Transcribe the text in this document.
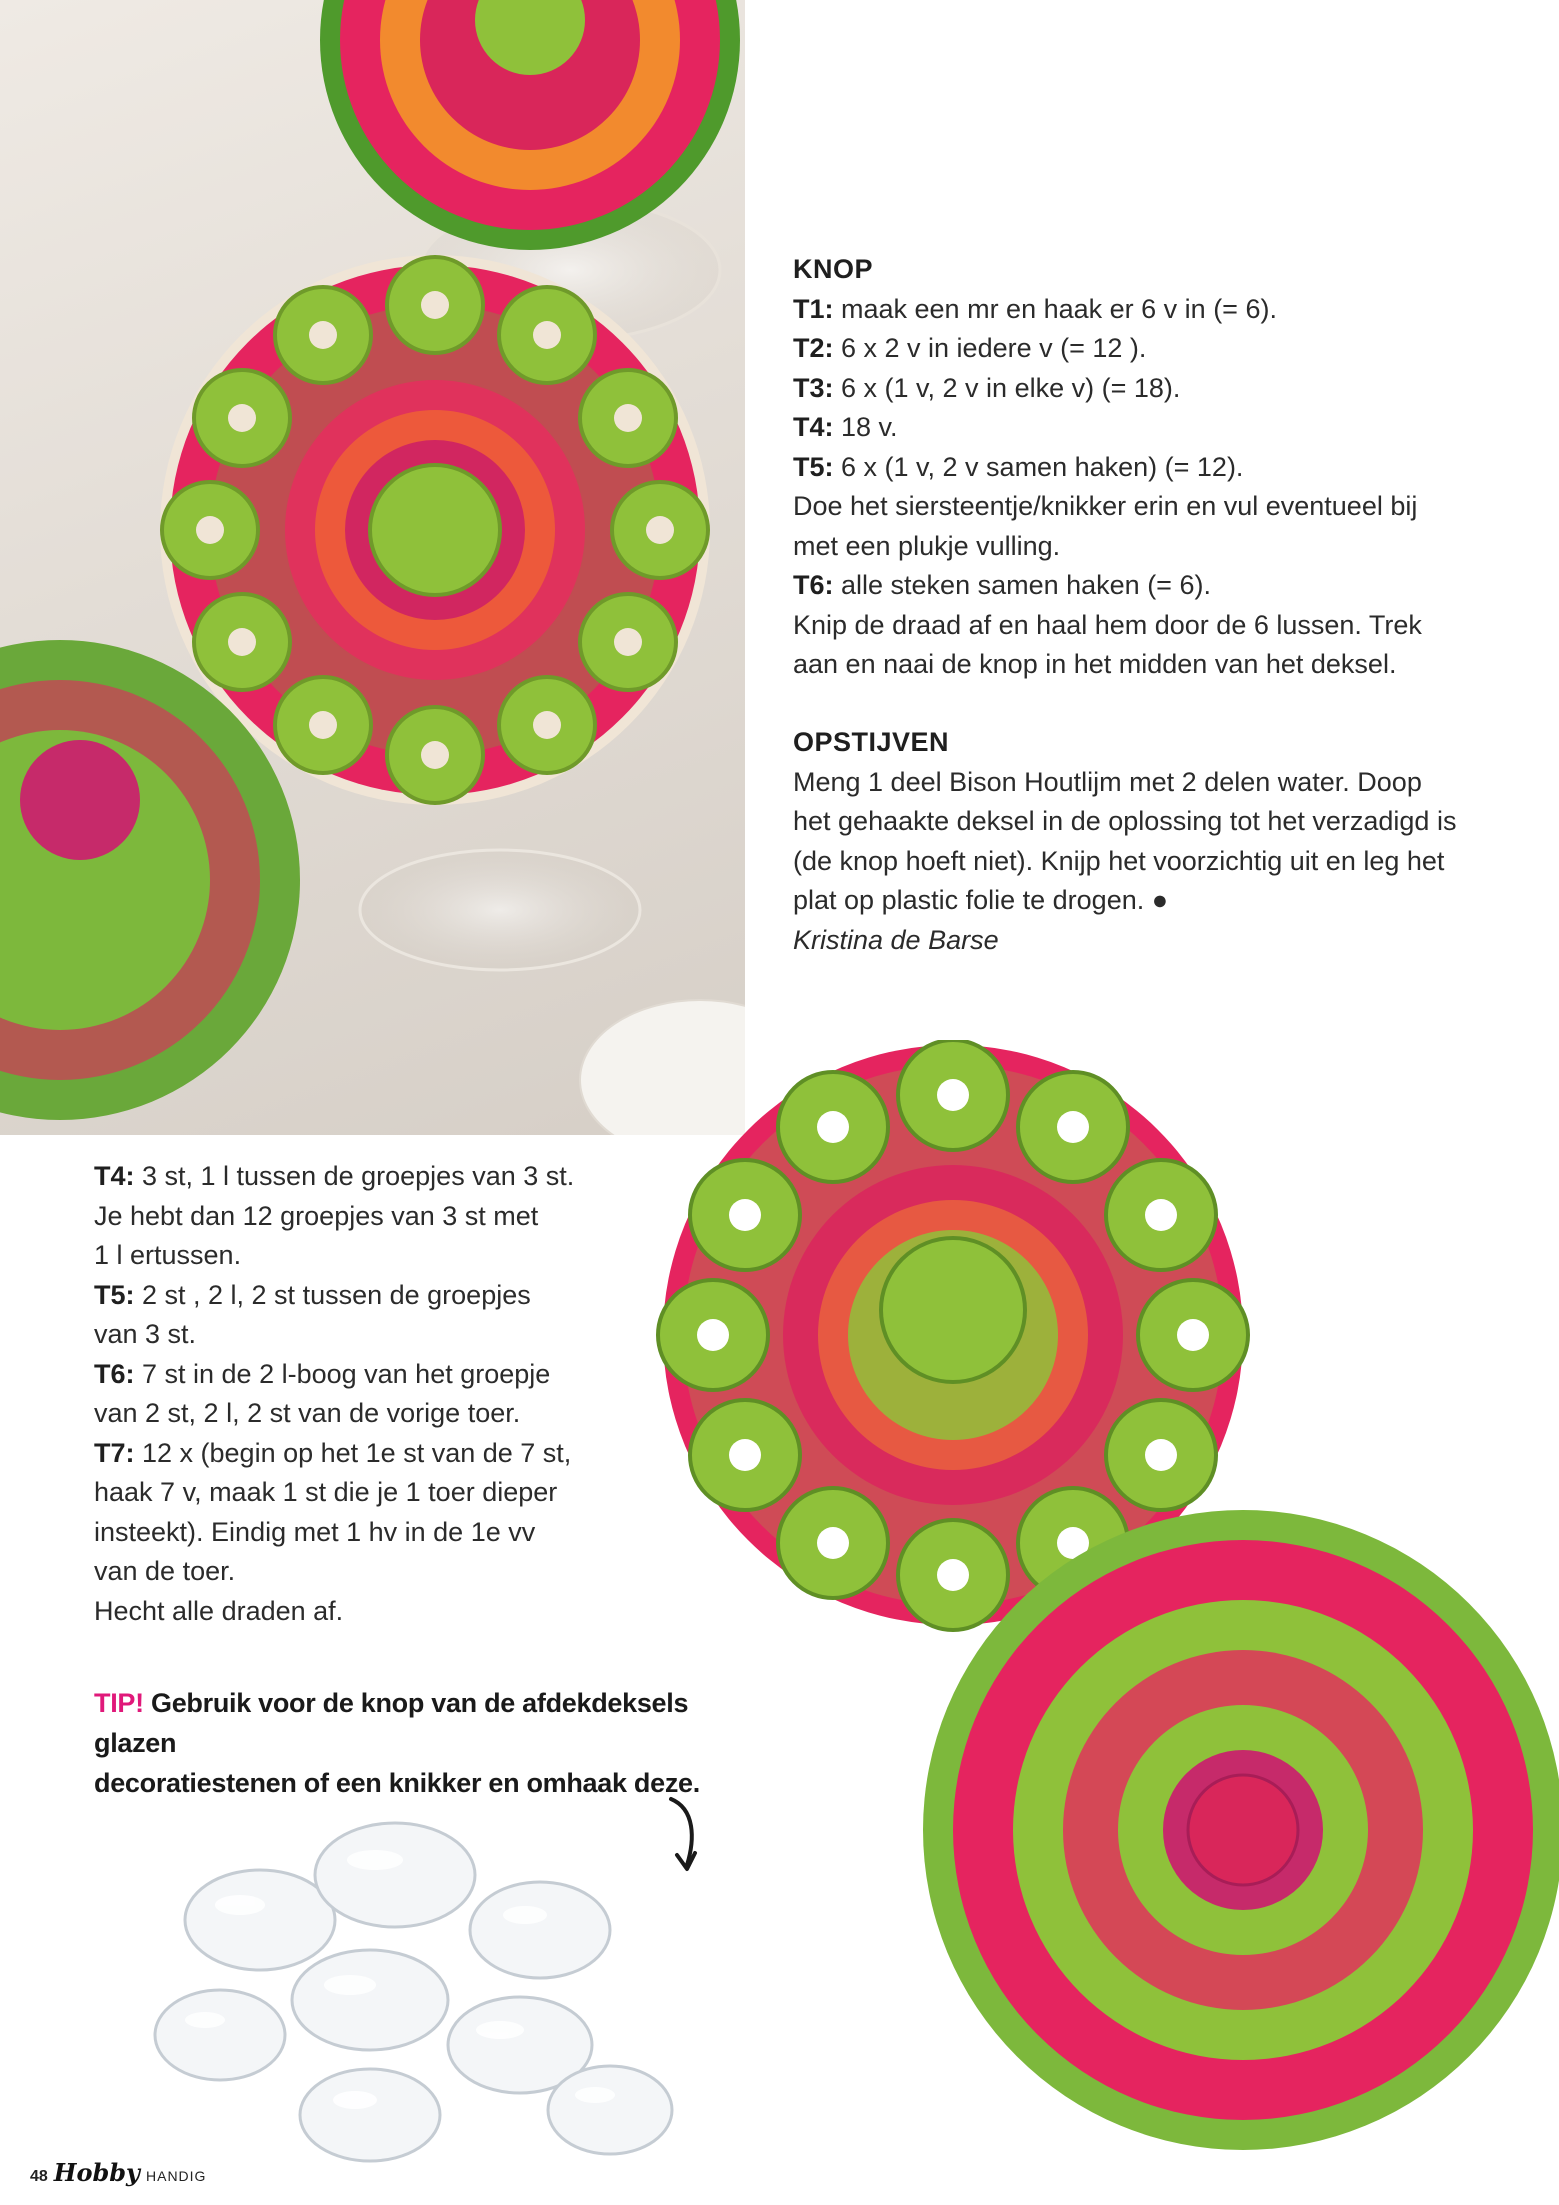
KNOP
T1: maak een mr en haak er 6 v in (= 6).
T2: 6 x 2 v in iedere v (= 12 ).
T3: 6 x (1 v, 2 v in elke v) (= 18).
T4: 18 v.
T5: 6 x (1 v, 2 v samen haken) (= 12).
Doe het siersteentje/knikker erin en vul eventueel bij
met een plukje vulling.
T6: alle steken samen haken (= 6).
Knip de draad af en haal hem door de 6 lussen. Trek
aan en naai de knop in het midden van het deksel.
OPSTIJVEN
Meng 1 deel Bison Houtlijm met 2 delen water. Doop
het gehaakte deksel in de oplossing tot het verzadigd is
(de knop hoeft niet). Knijp het voorzichtig uit en leg het
plat op plastic folie te drogen. ●
Kristina de Barse
T4: 3 st, 1 l tussen de groepjes van 3 st.
Je hebt dan 12 groepjes van 3 st met
1 l ertussen.
T5: 2 st , 2 l, 2 st tussen de groepjes
van 3 st.
T6: 7 st in de 2 l-boog van het groepje
van 2 st, 2 l, 2 st van de vorige toer.
T7: 12 x (begin op het 1e st van de 7 st,
haak 7 v, maak 1 st die je 1 toer dieper
insteekt). Eindig met 1 hv in de 1e vv
van de toer.
Hecht alle draden af.
TIP! Gebruik voor de knop van de afdekdeksels glazen
decoratiestenen of een knikker en omhaak deze.
48 Hobby HANDIG
